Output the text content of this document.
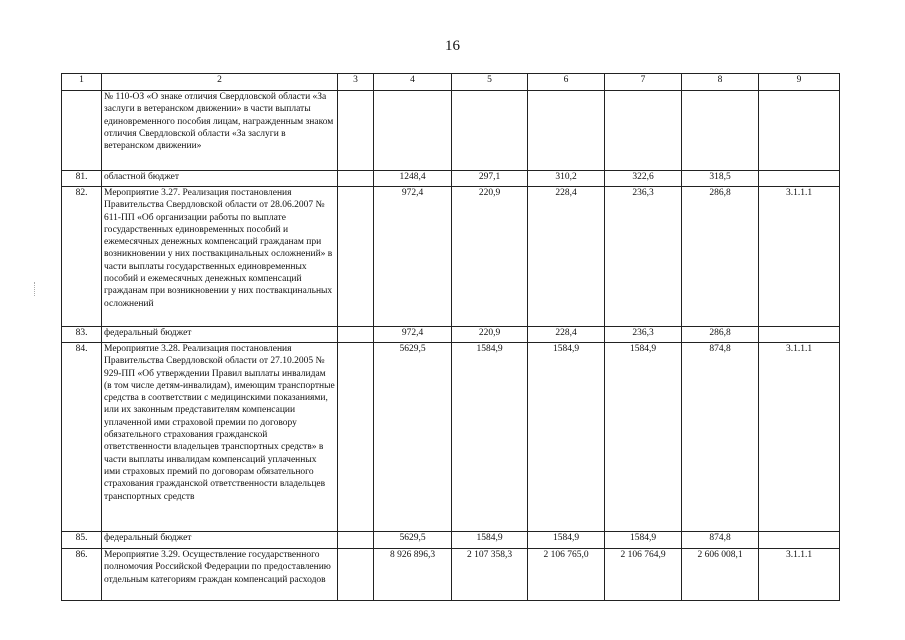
16
1	2	3	4	5	6	7	8	9
	№ 110-ОЗ «О знаке отличия Свердловской области «За заслуги в ветеранском движении» в части выплаты единовременного пособия лицам, награжденным знаком отличия Свердловской области «За заслуги в ветеранском движении»							
81.	областной бюджет		1248,4	297,1	310,2	322,6	318,5	
82.	Мероприятие 3.27. Реализация постановления Правительства Свердловской области от 28.06.2007 № 611-ПП «Об организации работы по выплате государственных единовременных пособий и ежемесячных денежных компенсаций гражданам при возникновении у них поствакцинальных осложнений» в части выплаты государственных единовременных пособий и ежемесячных денежных компенсаций гражданам при возникновении у них поствакцинальных осложнений		972,4	220,9	228,4	236,3	286,8	3.1.1.1
83.	федеральный бюджет		972,4	220,9	228,4	236,3	286,8	
84.	Мероприятие 3.28. Реализация постановления Правительства Свердловской области от 27.10.2005 № 929-ПП «Об утверждении Правил выплаты инвалидам (в том числе детям-инвалидам), имеющим транспортные средства в соответствии с медицинскими показаниями, или их законным представителям компенсации уплаченной ими страховой премии по договору обязательного страхования гражданской ответственности владельцев транспортных средств» в части выплаты инвалидам компенсаций уплаченных ими страховых премий по договорам обязательного страхования гражданской ответственности владельцев транспортных средств		5629,5	1584,9	1584,9	1584,9	874,8	3.1.1.1
85.	федеральный бюджет		5629,5	1584,9	1584,9	1584,9	874,8	
86.	Мероприятие 3.29. Осуществление государственного полномочия Российской Федерации по предоставлению отдельным категориям граждан компенсаций расходов		8 926 896,3	2 107 358,3	2 106 765,0	2 106 764,9	2 606 008,1	3.1.1.1
